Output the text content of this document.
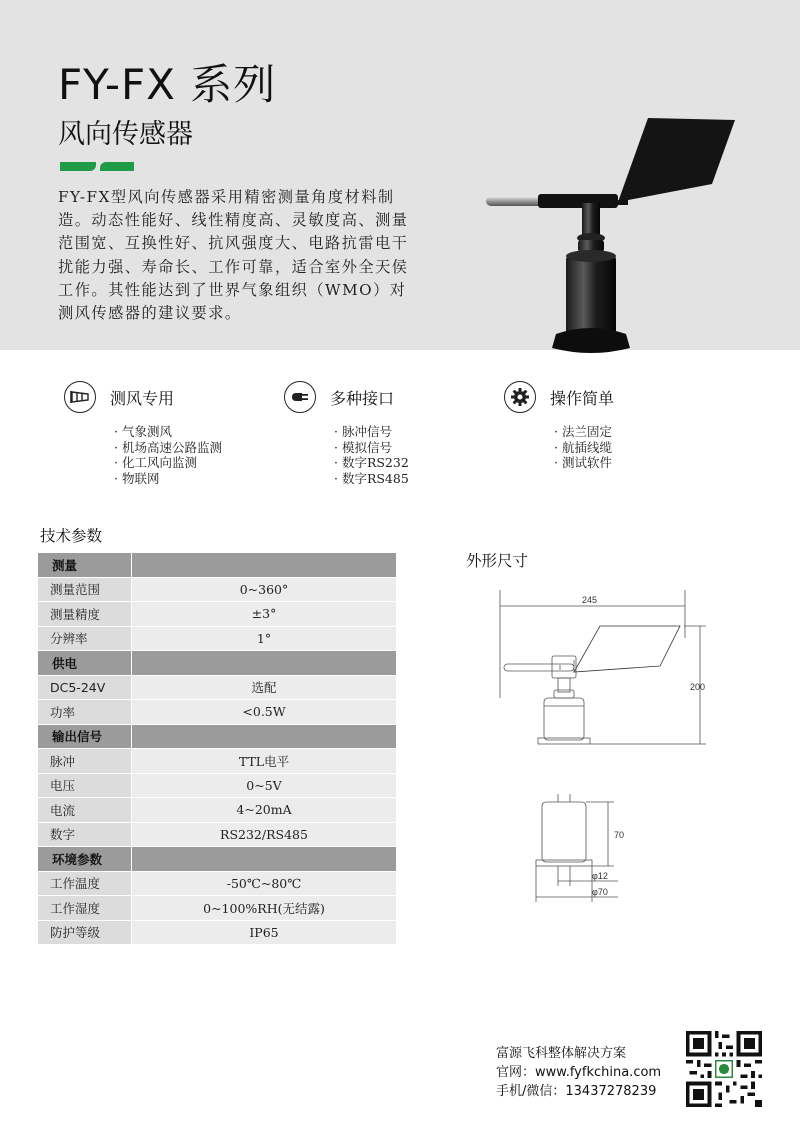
FY-FX 系列
风向传感器
FY-FX型风向传感器采用精密测量角度材料制造。动态性能好、线性精度高、灵敏度高、测量范围宽、互换性好、抗风强度大、电路抗雷电干扰能力强、寿命长、工作可靠，适合室外全天侯工作。其性能达到了世界气象组织（WMO）对测风传感器的建议要求。
测风专用
· 气象测风
· 机场高速公路监测
· 化工风向监测
· 物联网
多种接口
· 脉冲信号
· 模拟信号
· 数字RS232
· 数字RS485
操作简单
· 法兰固定
· 航插线缆
· 测试软件
技术参数
测量	
测量范围	0~360°
测量精度	±3°
分辨率	1°
供电	
DC5-24V	选配
功率	<0.5W
输出信号	
脉冲	TTL电平
电压	0~5V
电流	4~20mA
数字	RS232/RS485
环境参数	
工作温度	-50℃~80℃
工作湿度	0~100%RH(无结露)
防护等级	IP65
外形尺寸
245
200
70
φ12
φ70
富源飞科整体解决方案
官网：www.fyfkchina.com
手机/微信：13437278239
